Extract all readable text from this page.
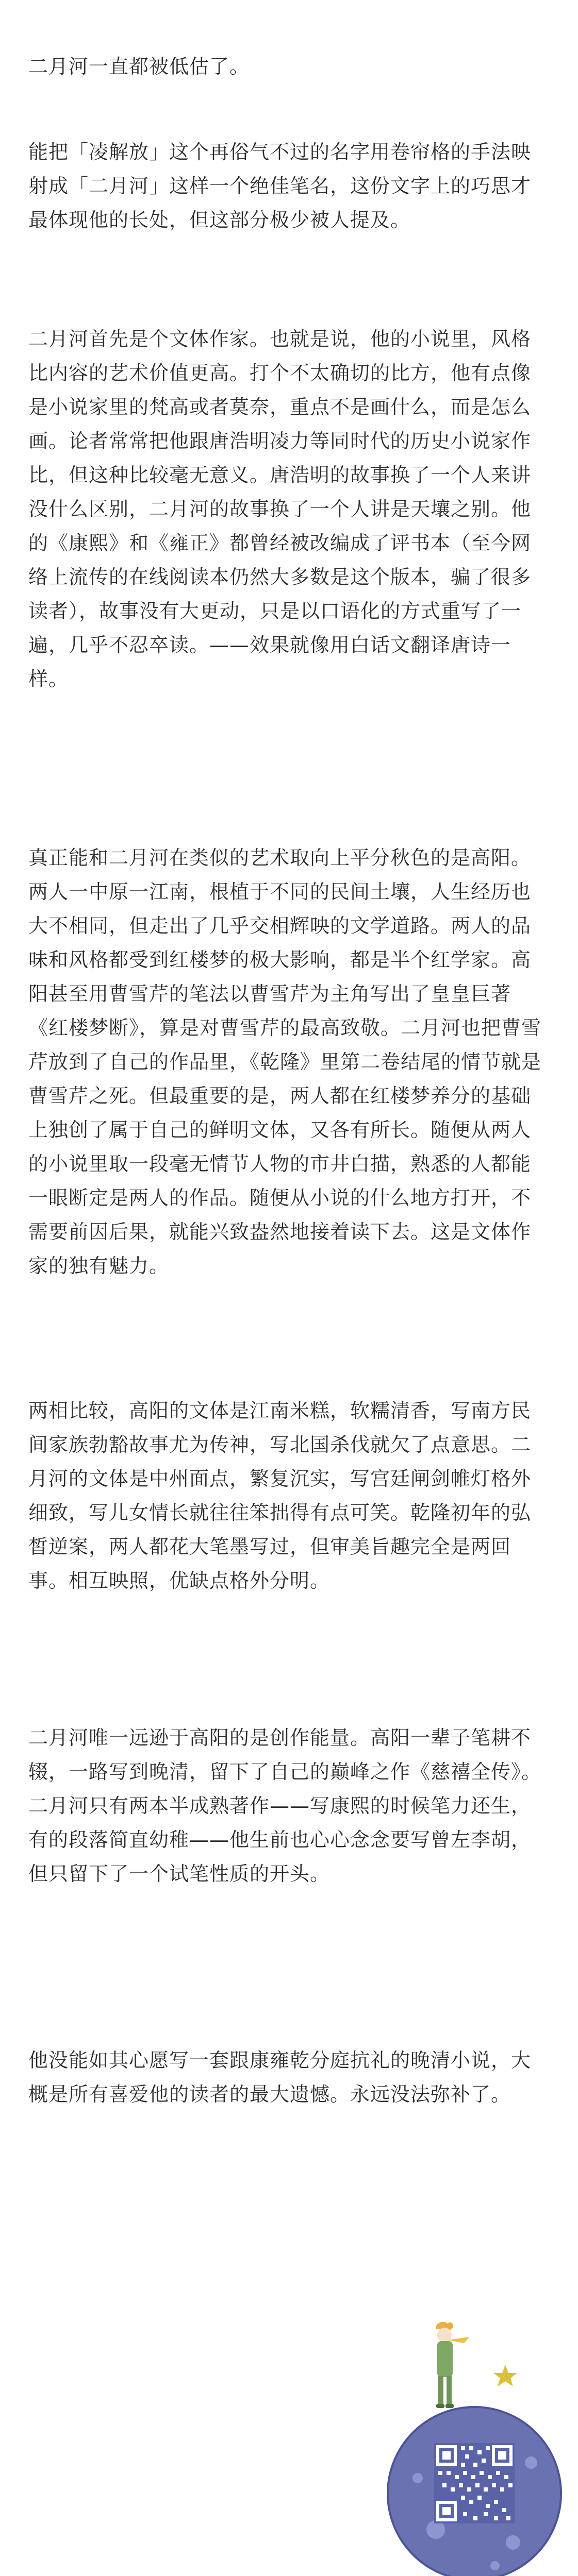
二月河一直都被低估了。

能把「凌解放」这个再俗气不过的名字用卷帘格的手法映射成「二月河」这样一个绝佳笔名，这份文字上的巧思才最体现他的长处，但这部分极少被人提及。

二月河首先是个文体作家。也就是说，他的小说里，风格比内容的艺术价值更高。打个不太确切的比方，他有点像是小说家里的梵高或者莫奈，重点不是画什么，而是怎么画。论者常常把他跟唐浩明凌力等同时代的历史小说家作比，但这种比较毫无意义。唐浩明的故事换了一个人来讲没什么区别，二月河的故事换了一个人讲是天壤之别。他的《康熙》和《雍正》都曾经被改编成了评书本（至今网络上流传的在线阅读本仍然大多数是这个版本，骗了很多读者），故事没有大更动，只是以口语化的方式重写了一遍，几乎不忍卒读。——效果就像用白话文翻译唐诗一样。

真正能和二月河在类似的艺术取向上平分秋色的是高阳。两人一中原一江南，根植于不同的民间土壤，人生经历也大不相同，但走出了几乎交相辉映的文学道路。两人的品味和风格都受到红楼梦的极大影响，都是半个红学家。高阳甚至用曹雪芹的笔法以曹雪芹为主角写出了皇皇巨著《红楼梦断》，算是对曹雪芹的最高致敬。二月河也把曹雪芹放到了自己的作品里，《乾隆》里第二卷结尾的情节就是曹雪芹之死。但最重要的是，两人都在红楼梦养分的基础上独创了属于自己的鲜明文体，又各有所长。随便从两人的小说里取一段毫无情节人物的市井白描，熟悉的人都能一眼断定是两人的作品。随便从小说的什么地方打开，不需要前因后果，就能兴致盎然地接着读下去。这是文体作家的独有魅力。

两相比较，高阳的文体是江南米糕，软糯清香，写南方民间家族勃豁故事尤为传神，写北国杀伐就欠了点意思。二月河的文体是中州面点，繁复沉实，写宫廷闸剑帷灯格外细致，写儿女情长就往往笨拙得有点可笑。乾隆初年的弘皙逆案，两人都花大笔墨写过，但审美旨趣完全是两回事。相互映照，优缺点格外分明。

二月河唯一远逊于高阳的是创作能量。高阳一辈子笔耕不辍，一路写到晚清，留下了自己的巅峰之作《慈禧全传》。二月河只有两本半成熟著作——写康熙的时候笔力还生，有的段落简直幼稚——他生前也心心念念要写曾左李胡，但只留下了一个试笔性质的开头。

他没能如其心愿写一套跟康雍乾分庭抗礼的晚清小说，大概是所有喜爱他的读者的最大遗憾。永远没法弥补了。
